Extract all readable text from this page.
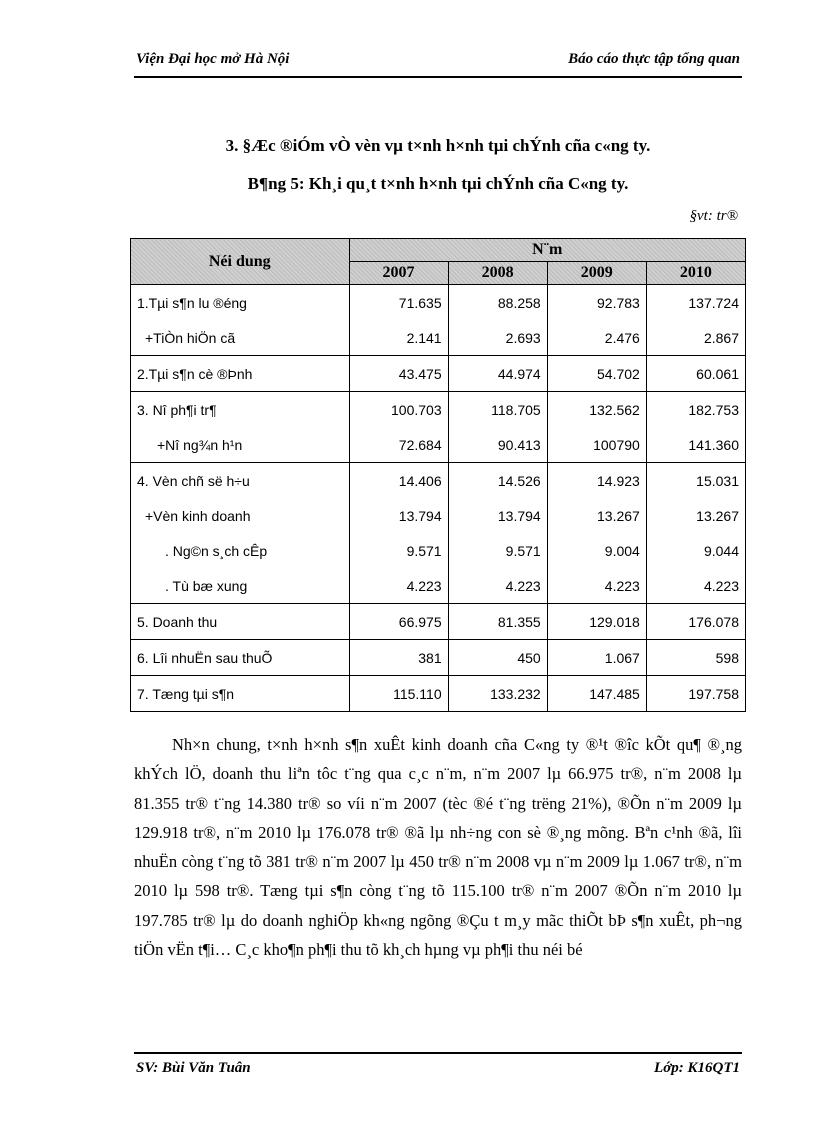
Viện Đại học mở Hà Nội	Báo cáo thực tập tổng quan
3. §Æc ®iÓm vÒ vèn vµ t×nh h×nh tµi chÝnh cña c«ng ty.
B¶ng 5: Kh¸i qu¸t t×nh h×nh tµi chÝnh cña C«ng ty.
§vt: tr®
Néi dung	N¨m			
	2007	2008	2009	2010
1.Tµi s¶n lu ®éng	71.635	88.258	92.783	137.724
+TiÒn hiÖn cã	2.141	2.693	2.476	2.867
2.Tµi s¶n cè ®Þnh	43.475	44.974	54.702	60.061
3. Nî ph¶i tr¶	100.703	118.705	132.562	182.753
+Nî ng¾n h¹n	72.684	90.413	100790	141.360
4. Vèn chñ së h÷u	14.406	14.526	14.923	15.031
+Vèn kinh doanh	13.794	13.794	13.267	13.267
. Ng©n s¸ch cÊp	9.571	9.571	9.004	9.044
. Tù bæ xung	4.223	4.223	4.223	4.223
5. Doanh thu	66.975	81.355	129.018	176.078
6. Lîi nhuËn sau thuÕ	381	450	1.067	598
7. Tæng tµi s¶n	115.110	133.232	147.485	197.758

Nh×n chung, t×nh h×nh s¶n xuÊt kinh doanh cña C«ng ty ®¹t ®îc kÕt qu¶ ®¸ng khÝch lÖ, doanh thu liªn tôc t¨ng qua c¸c n¨m, n¨m 2007 lµ 66.975 tr®, n¨m 2008 lµ 81.355 tr® t¨ng 14.380 tr® so víi n¨m 2007 (tèc ®é t¨ng trëng 21%), ®Õn n¨m 2009 lµ 129.918 tr®, n¨m 2010 lµ 176.078 tr® ®ã lµ nh÷ng con sè ®¸ng mõng. Bªn c¹nh ®ã, lîi nhuËn còng t¨ng tõ 381 tr® n¨m 2007 lµ 450 tr® n¨m 2008 vµ n¨m 2009 lµ 1.067 tr®, n¨m 2010 lµ 598 tr®. Tæng tµi s¶n còng t¨ng tõ 115.100 tr® n¨m 2007 ®Õn n¨m 2010 lµ 197.785 tr® lµ do doanh nghiÖp kh«ng ngõng ®Çu t m¸y mãc thiÕt bÞ s¶n xuÊt, ph¬ng tiÖn vËn t¶i… C¸c kho¶n ph¶i thu tõ kh¸ch hµng vµ ph¶i thu néi bé

SV: Bùi Văn Tuân	Lớp: K16QT1
